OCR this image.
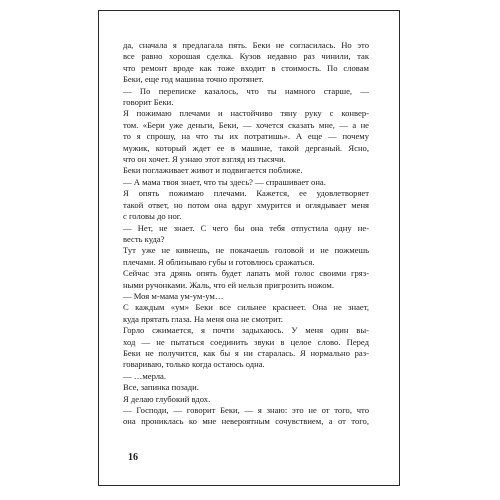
да, сначала я предлагала пять. Беки не согласилась. Но это
все равно хорошая сделка. Кузов недавно раз чинили, так
что ремонт вроде как тоже входит в стоимость. По словам
Беки, еще год машина точно протянет.
— По переписке казалось, что ты намного старше, —
говорит Беки.
Я пожимаю плечами и настойчиво тяну руку с конвер-
том. «Бери уже деньги, Беки, — хочется сказать мне, — а не
то я спрошу, на что ты их потратишь». А еще — почему
мужик, который ждет ее в машине, такой дерганый. Ясно,
что он хочет. Я узнаю этот взгляд из тысячи.
Беки поглаживает живот и подвигается поближе.
— А мама твоя знает, что ты здесь? — спрашивает она.
Я опять пожимаю плечами. Кажется, ее удовлетворяет
такой ответ, но потом она вдруг хмурится и оглядывает меня
с головы до ног.
— Нет, не знает. С чего бы она тебя отпустила одну не-
весть куда?
Тут уже не кивнешь, не покачаешь головой и не пожмешь
плечами. Я облизываю губы и готовлюсь сражаться.
Сейчас эта дрянь опять будет лапать мой голос своими гряз-
ными ручонками. Жаль, что ей нельзя пригрозить ножом.
— Моя м-мама ум-ум-ум…
С каждым «ум» Беки все сильнее краснеет. Она не знает,
куда прятать глаза. На меня она не смотрит.
Горло сжимается, я почти задыхаюсь. У меня один вы-
ход — не пытаться соединить звуки в целое слово. Перед
Беки не получится, как бы я ни старалась. Я нормально раз-
говариваю, только когда остаюсь одна.
— …мерла.
Все, запинка позади.
Я делаю глубокий вдох.
— Господи, — говорит Беки, — я знаю: это не от того, что
она прониклась ко мне невероятным сочувствием, а от того,
16
